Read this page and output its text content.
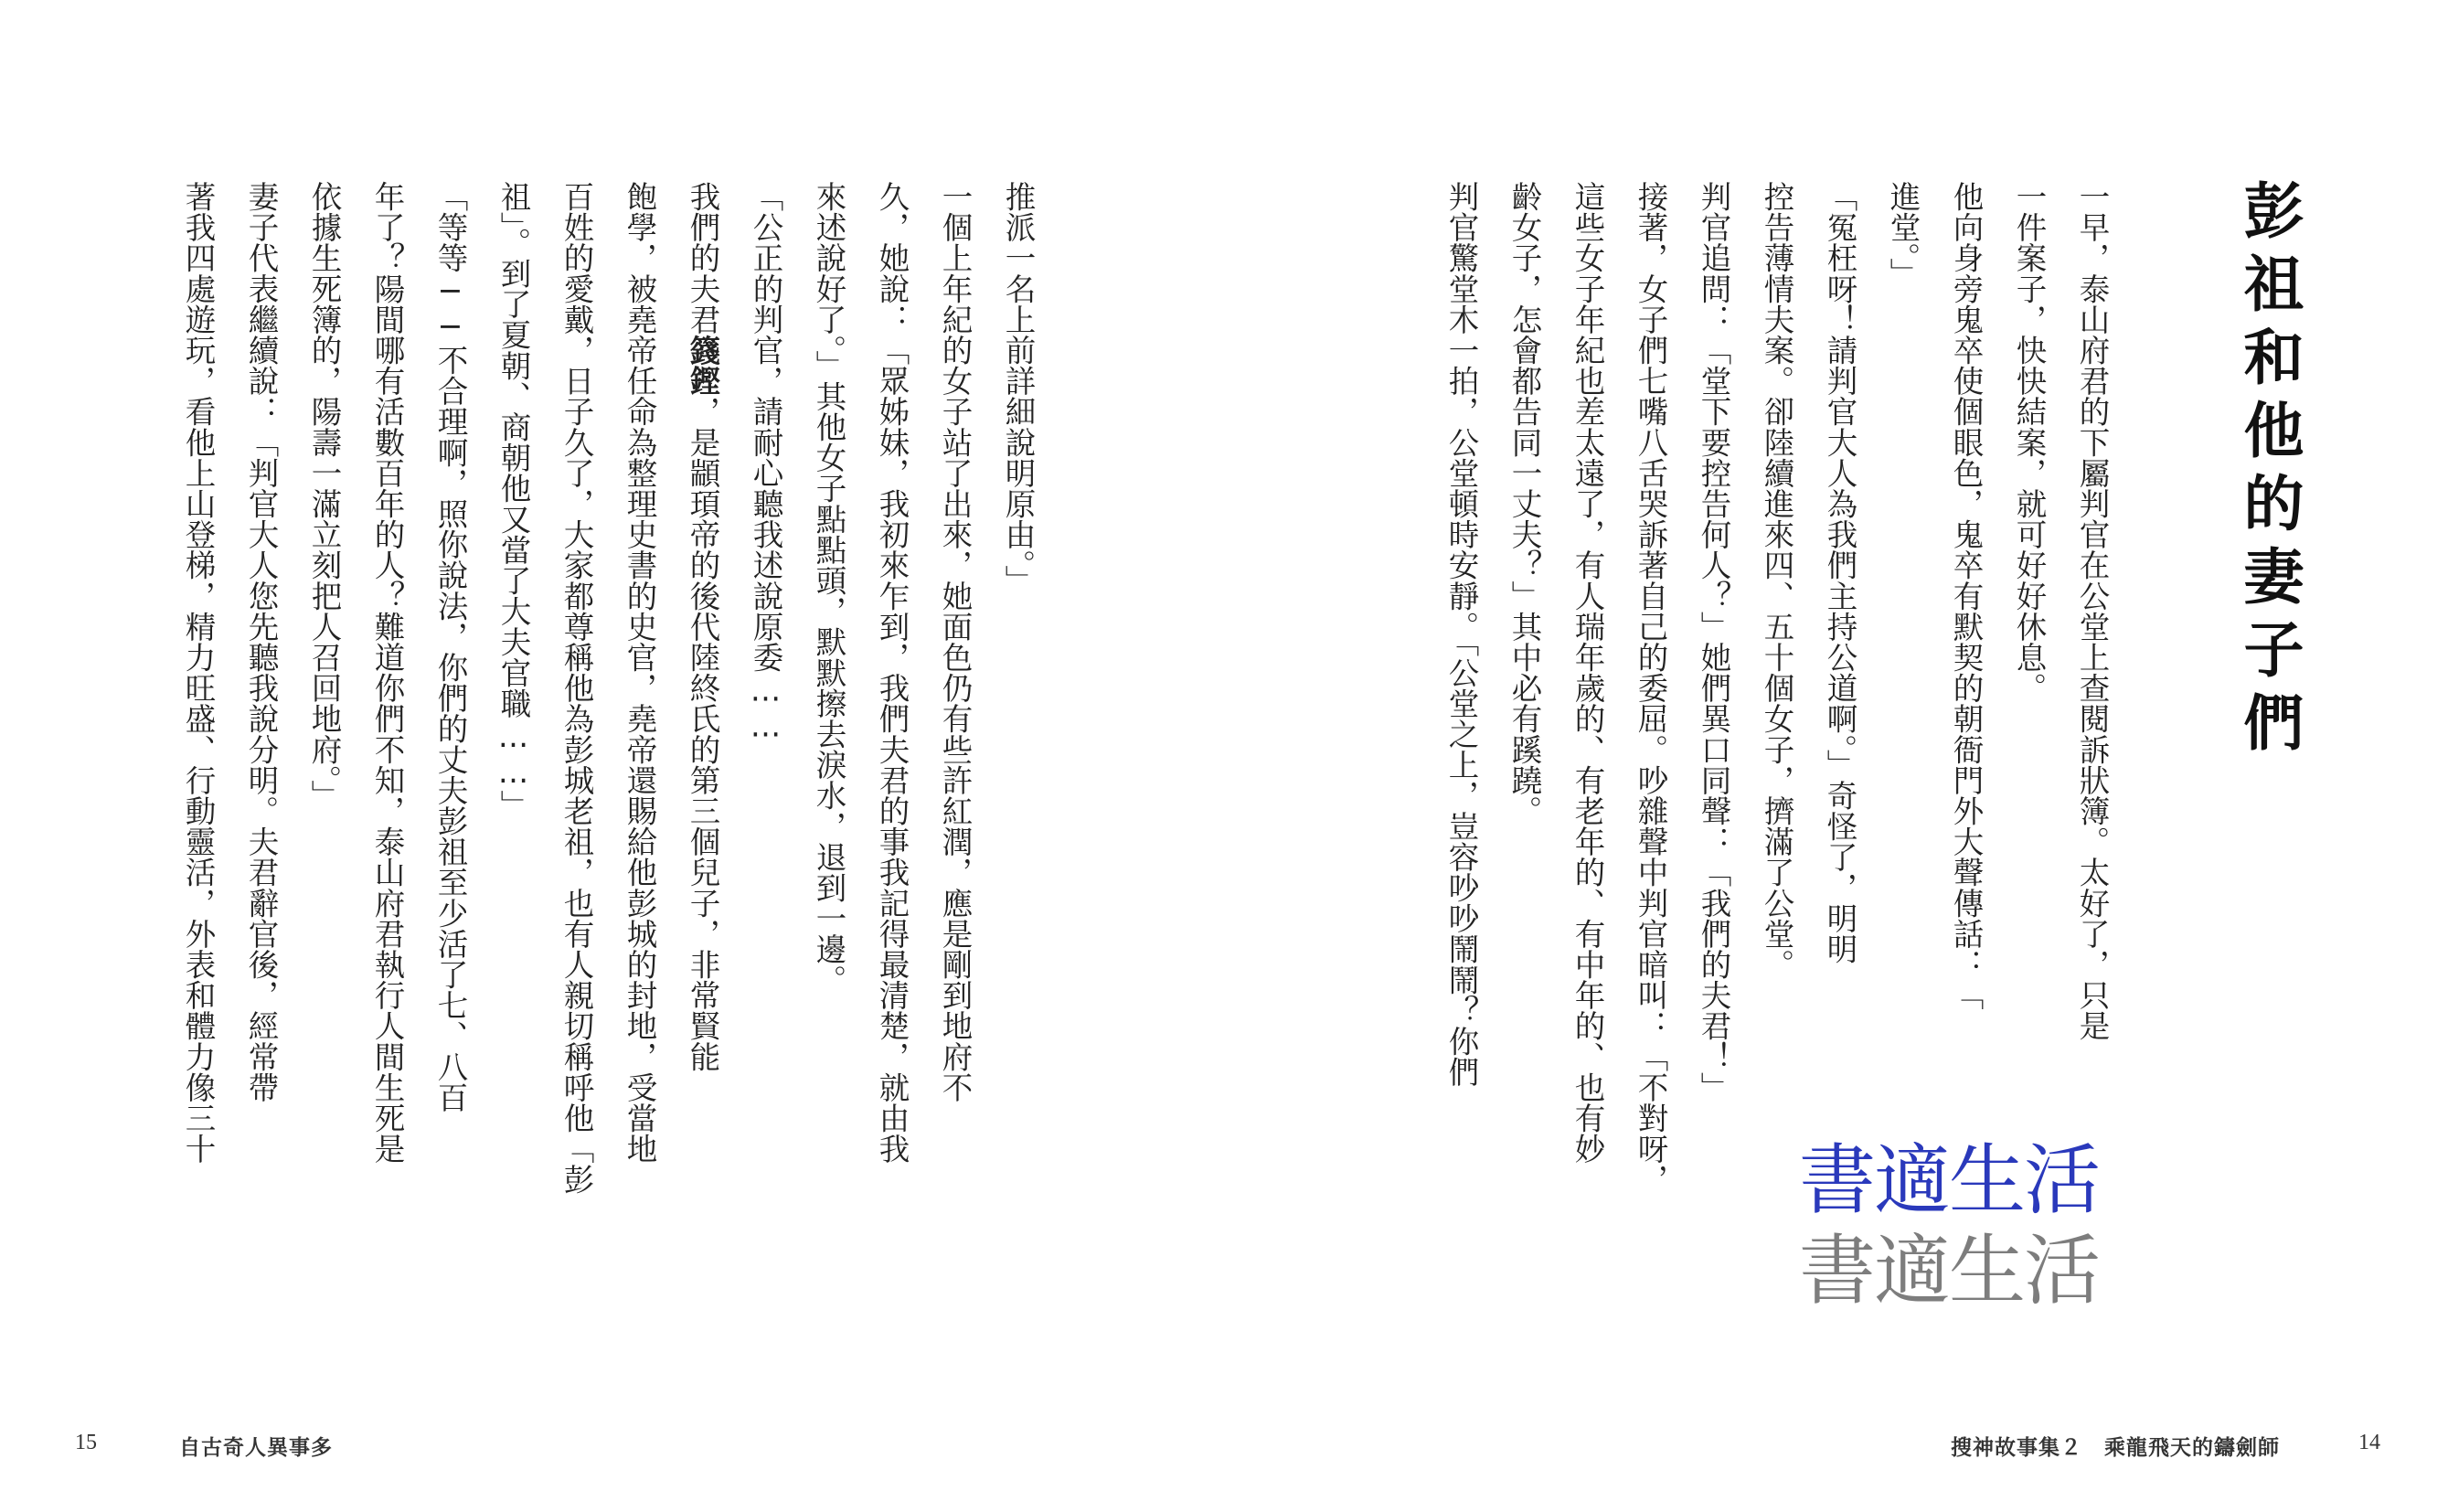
推派一名上前詳細說明原由。」
一個上年紀的女子站了出來，她面色仍有些許紅潤，應是剛到地府不
久，她說：「眾姊妹，我初來乍到，我們夫君的事我記得最清楚，就由我
來述說好了。」其他女子點點頭，默默擦去淚水，退到一邊。
「公正的判官，請耐心聽我述說原委……
我們的夫君籛鏗，是顓頊帝的後代陸終氏的第三個兒子，非常賢能
飽學，被堯帝任命為整理史書的史官，堯帝還賜給他彭城的封地，受當地
百姓的愛戴，日子久了，大家都尊稱他為彭城老祖，也有人親切稱呼他「彭
祖」。到了夏朝、商朝他又當了大夫官職……」
「等等──不合理啊，照你說法，你們的丈夫彭祖至少活了七、八百
年了？陽間哪有活數百年的人？難道你們不知，泰山府君執行人間生死是
依據生死簿的，陽壽一滿立刻把人召回地府。」
妻子代表繼續說：「判官大人您先聽我說分明。夫君辭官後，經常帶
著我四處遊玩，看他上山登梯，精力旺盛、行動靈活，外表和體力像三十
15	自古奇人異事多
彭祖和他的妻子們
一早，泰山府君的下屬判官在公堂上查閱訴狀簿。太好了，只是
一件案子，快快結案，就可好好休息。
他向身旁鬼卒使個眼色，鬼卒有默契的朝衙門外大聲傳話：「
進堂。」
「冤枉呀！請判官大人為我們主持公道啊。」奇怪了，明明
控告薄情夫案。卻陸續進來四、五十個女子，擠滿了公堂。
判官追問：「堂下要控告何人？」她們異口同聲：「我們的夫君！」
接著，女子們七嘴八舌哭訴著自己的委屈。吵雜聲中判官暗叫：「不對呀，
這些女子年紀也差太遠了，有人瑞年歲的、有老年的、有中年的、也有妙
齡女子，怎會都告同一丈夫？」其中必有蹊蹺。
判官驚堂木一拍，公堂頓時安靜。「公堂之上，豈容吵吵鬧鬧？你們
搜神故事集２　乘龍飛天的鑄劍師	14
書適生活
書適生活
